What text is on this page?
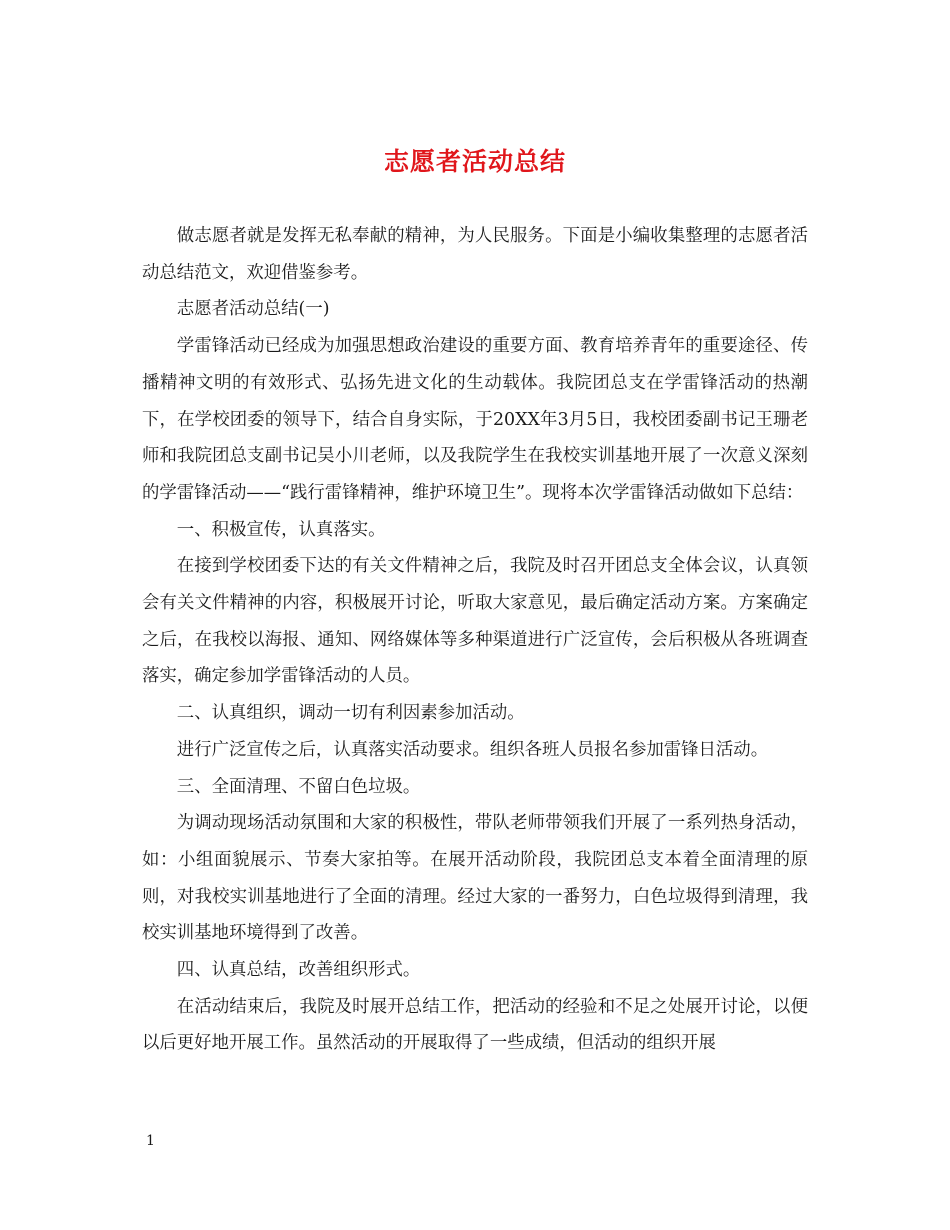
志愿者活动总结

做志愿者就是发挥无私奉献的精神，为人民服务。下面是小编收集整理的志愿者活动总结范文，欢迎借鉴参考。

志愿者活动总结(一)

学雷锋活动已经成为加强思想政治建设的重要方面、教育培养青年的重要途径、传播精神文明的有效形式、弘扬先进文化的生动载体。我院团总支在学雷锋活动的热潮下，在学校团委的领导下，结合自身实际，于20XX年3月5日，我校团委副书记王珊老师和我院团总支副书记吴小川老师，以及我院学生在我校实训基地开展了一次意义深刻的学雷锋活动——“践行雷锋精神，维护环境卫生”。现将本次学雷锋活动做如下总结：

一、积极宣传，认真落实。

在接到学校团委下达的有关文件精神之后，我院及时召开团总支全体会议，认真领会有关文件精神的内容，积极展开讨论，听取大家意见，最后确定活动方案。方案确定之后，在我校以海报、通知、网络媒体等多种渠道进行广泛宣传，会后积极从各班调查落实，确定参加学雷锋活动的人员。

二、认真组织，调动一切有利因素参加活动。

进行广泛宣传之后，认真落实活动要求。组织各班人员报名参加雷锋日活动。

三、全面清理、不留白色垃圾。

为调动现场活动氛围和大家的积极性，带队老师带领我们开展了一系列热身活动，如：小组面貌展示、节奏大家拍等。在展开活动阶段，我院团总支本着全面清理的原则，对我校实训基地进行了全面的清理。经过大家的一番努力，白色垃圾得到清理，我校实训基地环境得到了改善。

四、认真总结，改善组织形式。

在活动结束后，我院及时展开总结工作，把活动的经验和不足之处展开讨论，以便以后更好地开展工作。虽然活动的开展取得了一些成绩，但活动的组织开展

1
